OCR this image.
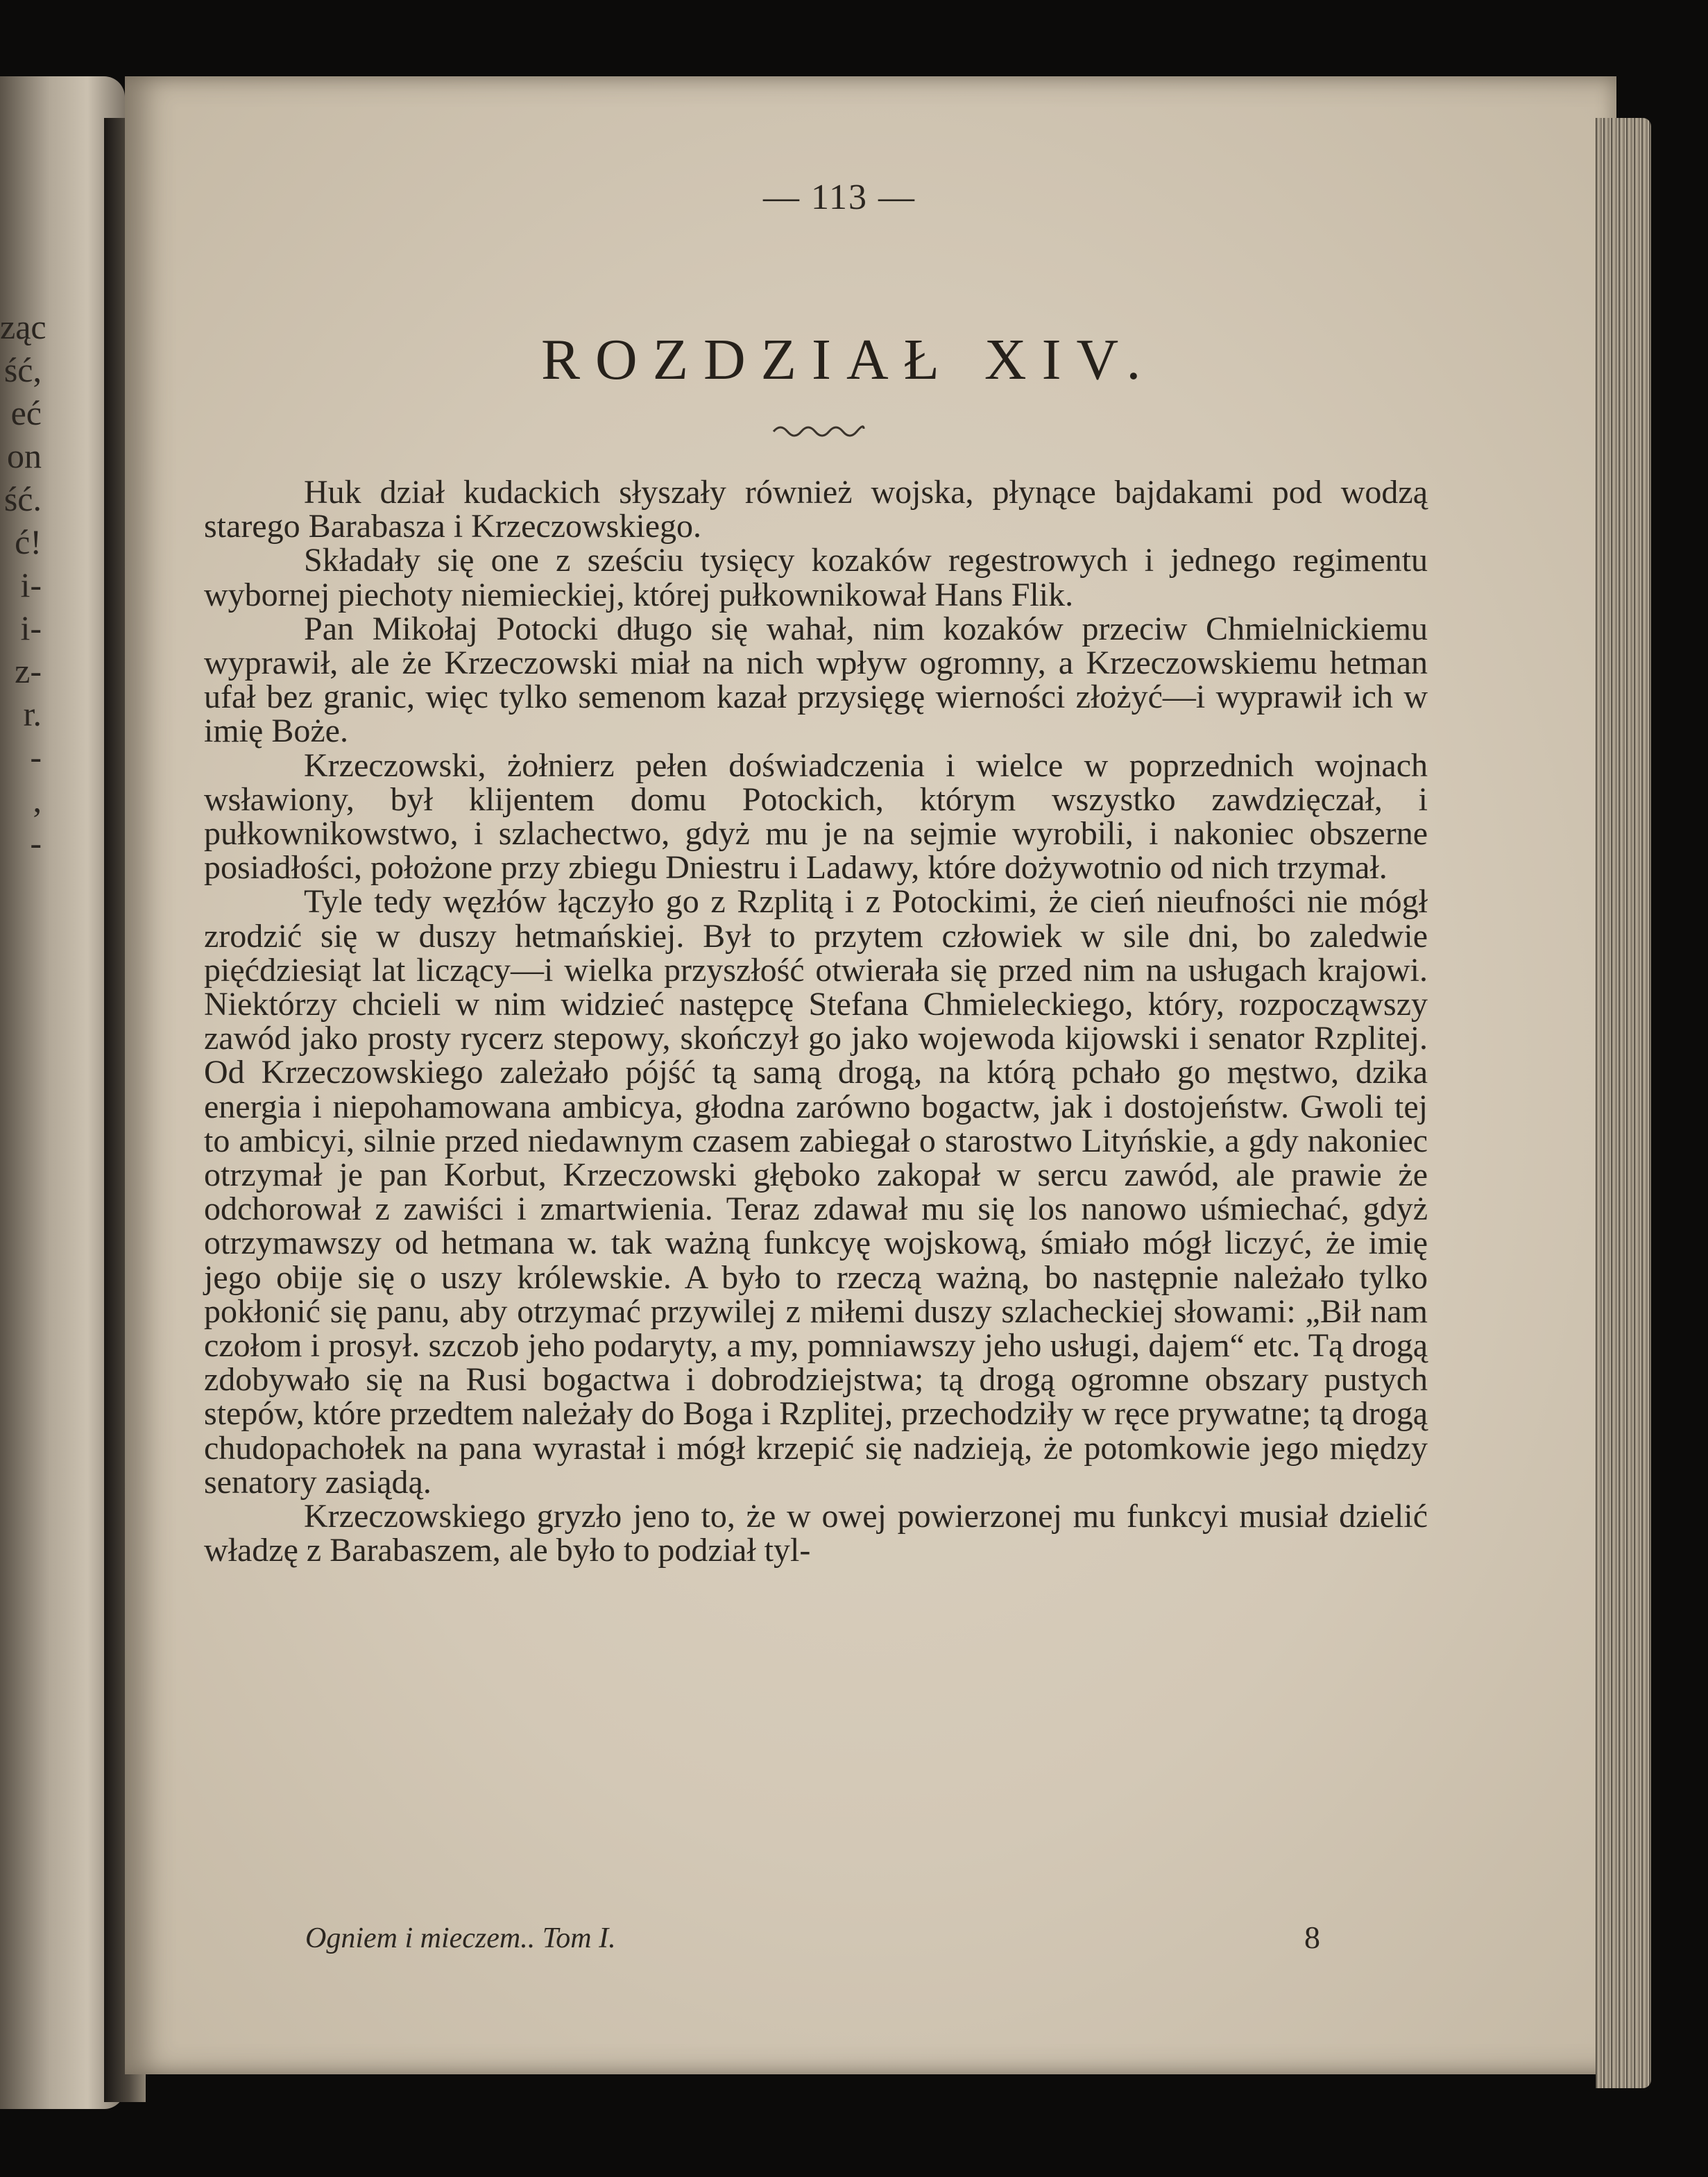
ząc
ść,
eć
on
ść.
ć!
i-
i-
z-
r.
-
,
-
— 113 —
ROZDZIAŁ XIV.

Huk dział kudackich słyszały również wojska, płynące bajdakami pod wodzą starego Barabasza i Krzeczowskiego.

Składały się one z sześciu tysięcy kozaków regestrowych i jednego regimentu wybornej piechoty niemieckiej, której pułkownikował Hans Flik.

Pan Mikołaj Potocki długo się wahał, nim kozaków przeciw Chmielnickiemu wyprawił, ale że Krzeczowski miał na nich wpływ ogromny, a Krzeczowskiemu hetman ufał bez granic, więc tylko semenom kazał przysięgę wierności złożyć—i wyprawił ich w imię Boże.

Krzeczowski, żołnierz pełen doświadczenia i wielce w poprzednich wojnach wsławiony, był klijentem domu Potockich, którym wszystko zawdzięczał, i pułkownikowstwo, i szlachectwo, gdyż mu je na sejmie wyrobili, i nakoniec obszerne posiadłości, położone przy zbiegu Dniestru i Ladawy, które dożywotnio od nich trzymał.

Tyle tedy węzłów łączyło go z Rzplitą i z Potockimi, że cień nieufności nie mógł zrodzić się w duszy hetmańskiej. Był to przytem człowiek w sile dni, bo zaledwie pięćdziesiąt lat liczący—i wielka przyszłość otwierała się przed nim na usługach krajowi. Niektórzy chcieli w nim widzieć następcę Stefana Chmieleckiego, który, rozpocząwszy zawód jako prosty rycerz stepowy, skończył go jako wojewoda kijowski i senator Rzplitej. Od Krzeczowskiego zależało pójść tą samą drogą, na którą pchało go męstwo, dzika energia i niepohamowana ambicya, głodna zarówno bogactw, jak i dostojeństw. Gwoli tej to ambicyi, silnie przed niedawnym czasem zabiegał o starostwo Lityńskie, a gdy nakoniec otrzymał je pan Korbut, Krzeczowski głęboko zakopał w sercu zawód, ale prawie że odchorował z zawiści i zmartwienia. Teraz zdawał mu się los nanowo uśmiechać, gdyż otrzymawszy od hetmana w. tak ważną funkcyę wojskową, śmiało mógł liczyć, że imię jego obije się o uszy królewskie. A było to rzeczą ważną, bo następnie należało tylko pokłonić się panu, aby otrzymać przywilej z miłemi duszy szlacheckiej słowami: „Bił nam czołom i prosył. szczob jeho podaryty, a my, pomniawszy jeho usługi, dajem“ etc. Tą drogą zdobywało się na Rusi bogactwa i dobrodziejstwa; tą drogą ogromne obszary pustych stepów, które przedtem należały do Boga i Rzplitej, przechodziły w ręce prywatne; tą drogą chudopachołek na pana wyrastał i mógł krzepić się nadzieją, że potomkowie jego między senatory zasiądą.

Krzeczowskiego gryzło jeno to, że w owej powierzonej mu funkcyi musiał dzielić władzę z Barabaszem, ale było to podział tyl-

Ogniem i mieczem.. Tom I.	8
